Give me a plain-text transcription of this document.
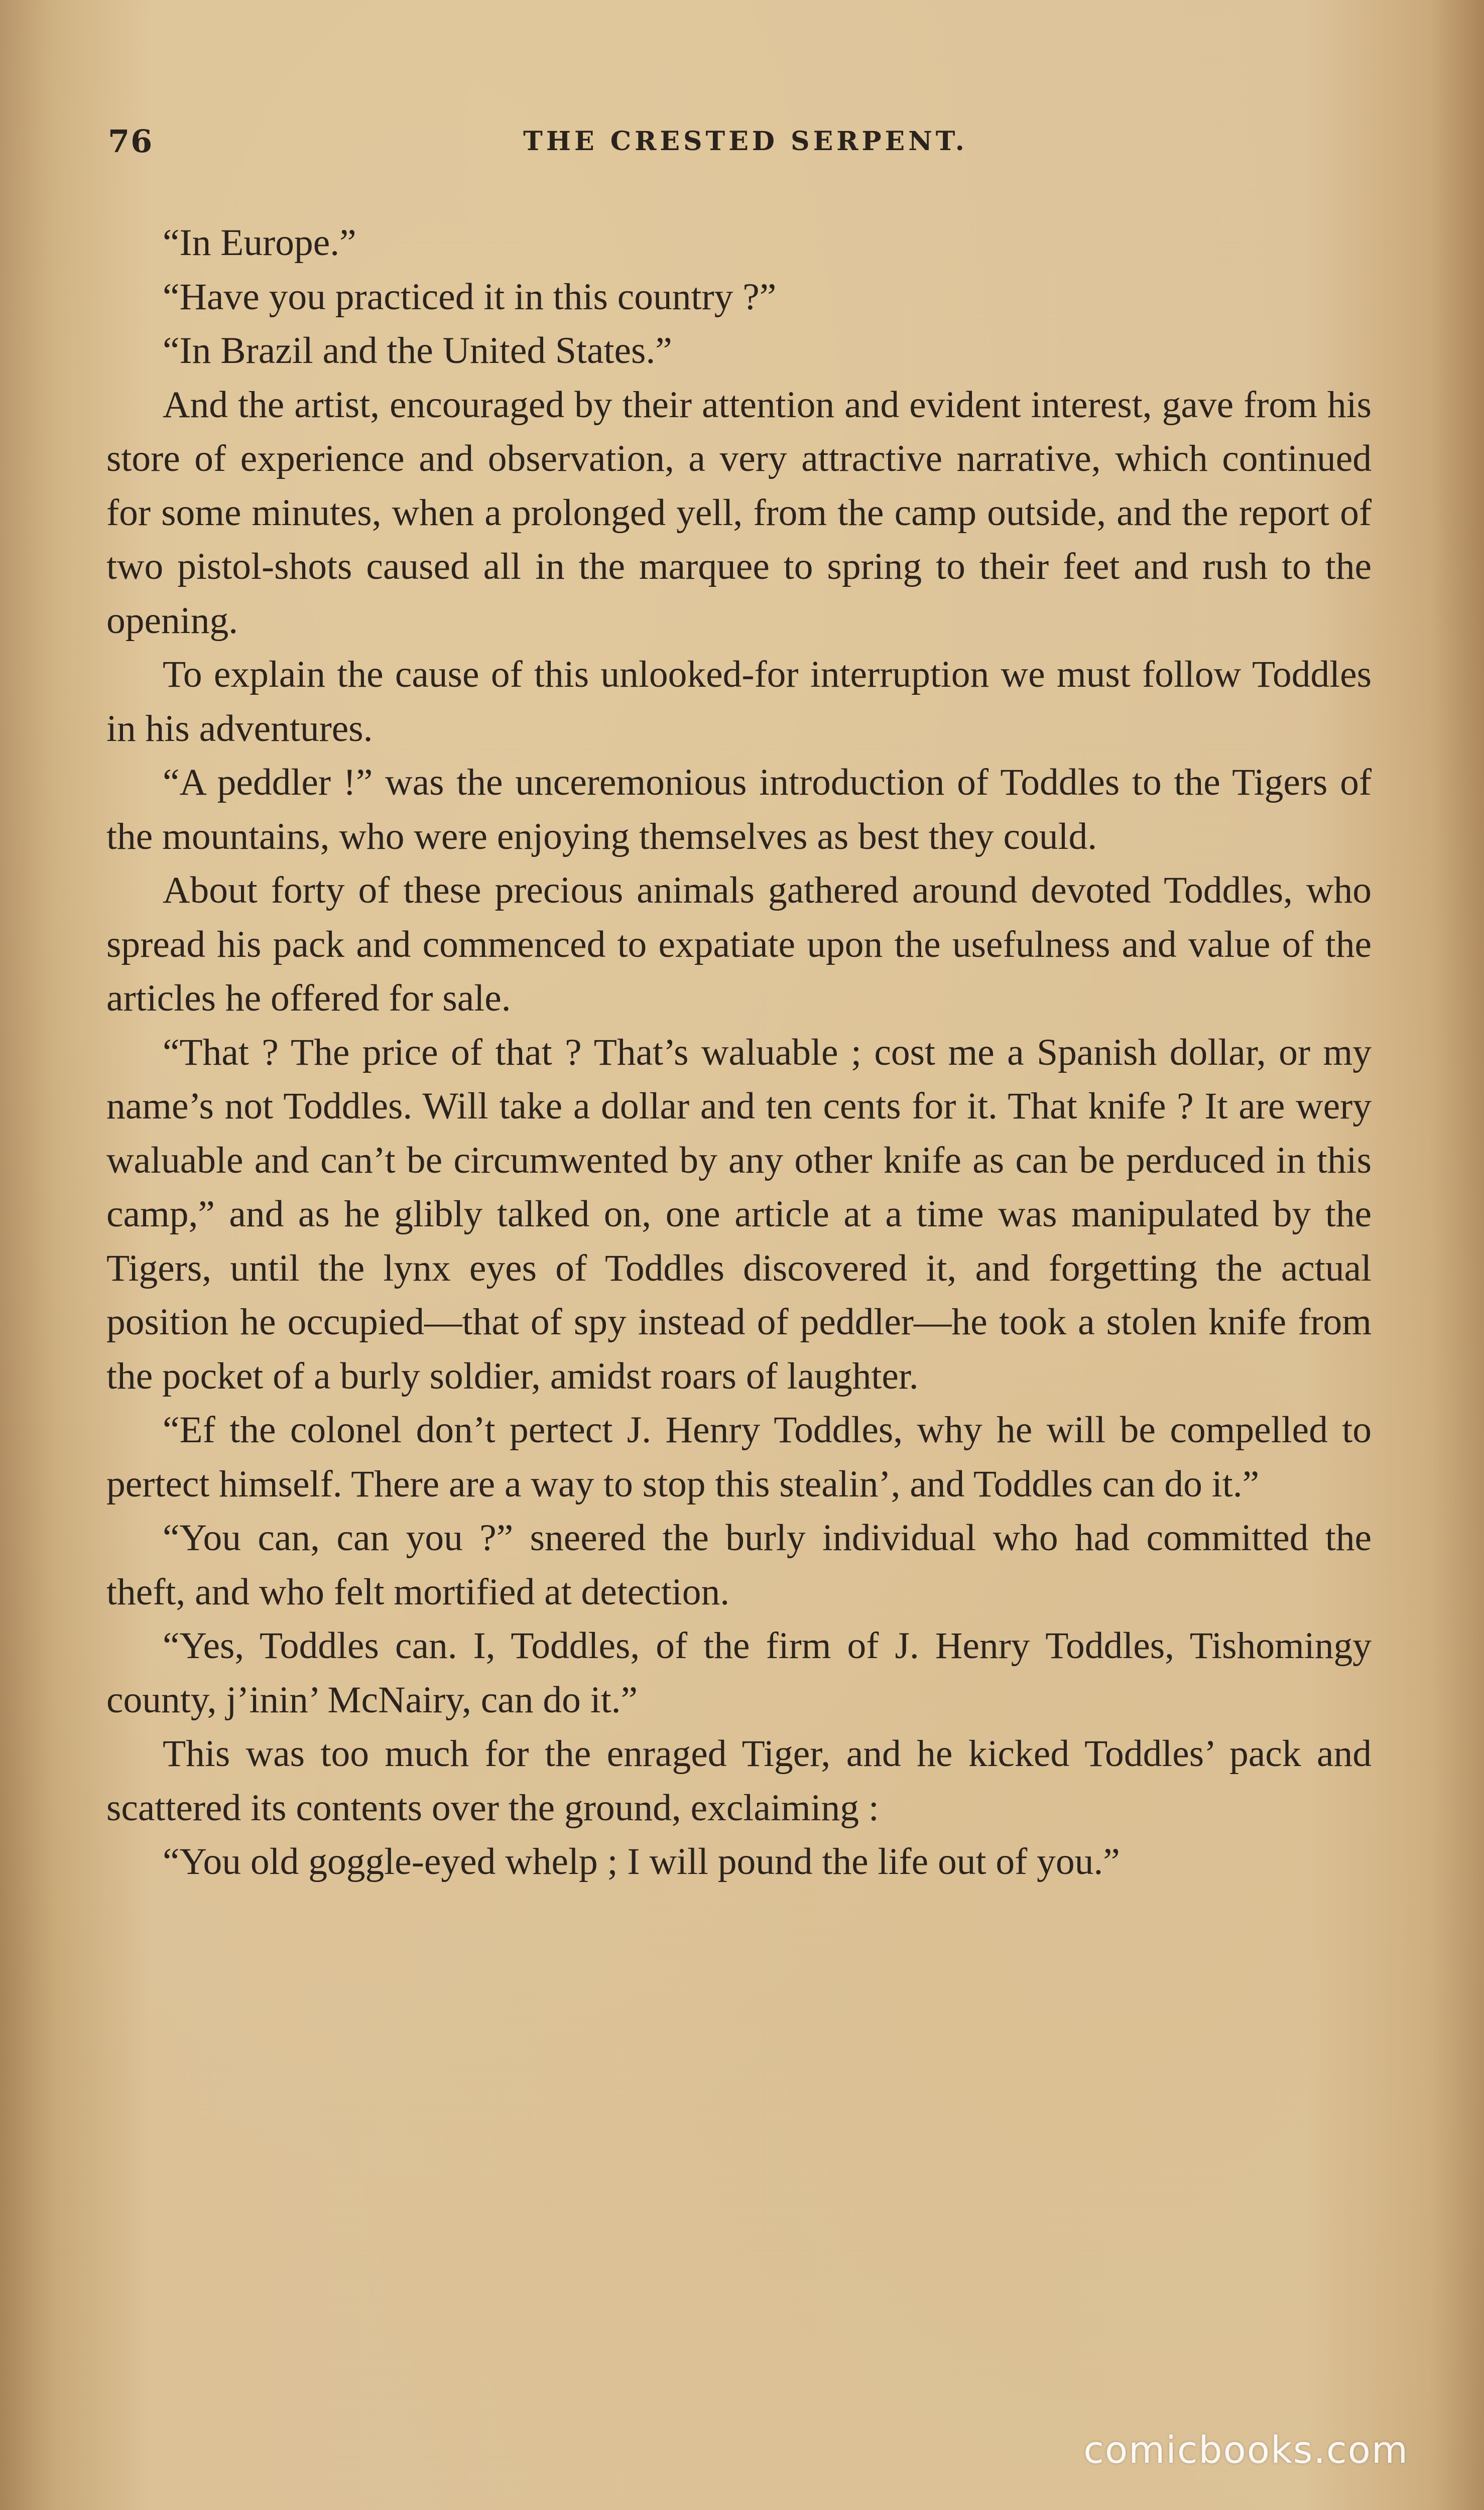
76	THE CRESTED SERPENT.

“In Europe.”

“Have you practiced it in this country ?”

“In Brazil and the United States.”

And the artist, encouraged by their attention and evident interest, gave from his store of experience and observation, a very attractive narrative, which continued for some minutes, when a prolonged yell, from the camp outside, and the report of two pistol-shots caused all in the marquee to spring to their feet and rush to the opening.

To explain the cause of this unlooked-for interruption we must follow Toddles in his adventures.

“A peddler !” was the unceremonious introduction of Toddles to the Tigers of the mountains, who were enjoying themselves as best they could.

About forty of these precious animals gathered around devoted Toddles, who spread his pack and commenced to expatiate upon the usefulness and value of the articles he offered for sale.

“That ? The price of that ? That’s waluable ; cost me a Spanish dollar, or my name’s not Toddles. Will take a dollar and ten cents for it. That knife ? It are wery waluable and can’t be circumwented by any other knife as can be perduced in this camp,” and as he glibly talked on, one article at a time was manipulated by the Tigers, until the lynx eyes of Toddles discovered it, and forgetting the actual position he occupied—that of spy instead of peddler—he took a stolen knife from the pocket of a burly soldier, amidst roars of laughter.

“Ef the colonel don’t pertect J. Henry Toddles, why he will be compelled to pertect himself. There are a way to stop this stealin’, and Toddles can do it.”

“You can, can you ?” sneered the burly individual who had committed the theft, and who felt mortified at detection.

“Yes, Toddles can. I, Toddles, of the firm of J. Henry Toddles, Tishomingy county, j’inin’ McNairy, can do it.”

This was too much for the enraged Tiger, and he kicked Toddles’ pack and scattered its contents over the ground, exclaiming :

“You old goggle-eyed whelp ; I will pound the life out of you.”

comicbooks.com
